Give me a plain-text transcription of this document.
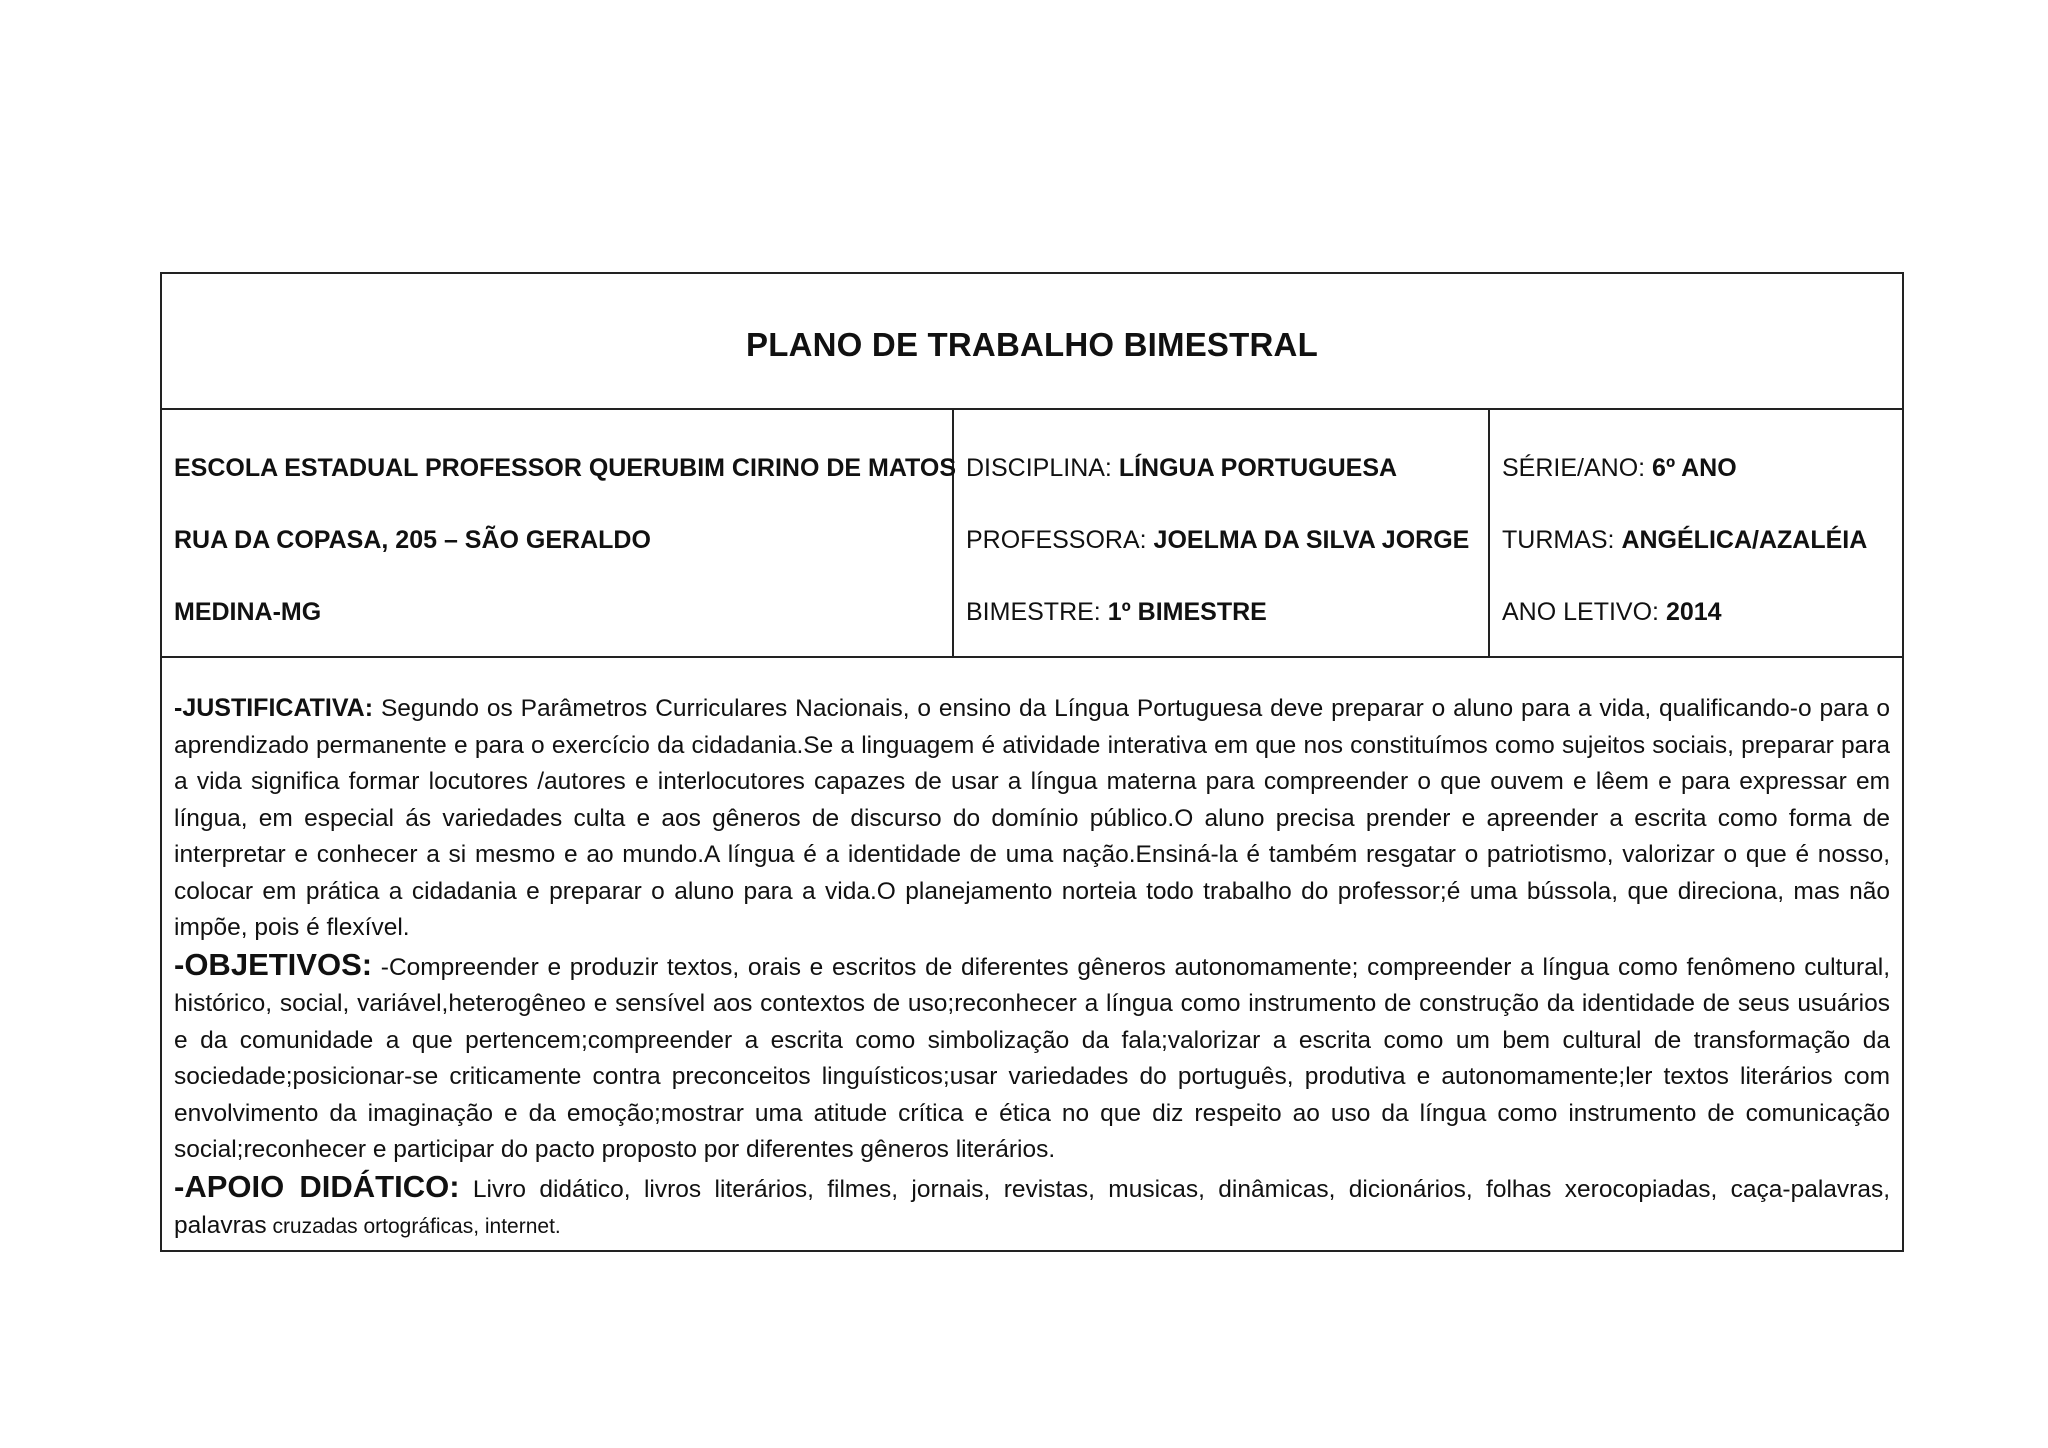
PLANO DE TRABALHO BIMESTRAL
ESCOLA ESTADUAL PROFESSOR QUERUBIM CIRINO DE MATOS
RUA DA COPASA, 205 – SÃO GERALDO
MEDINA-MG
DISCIPLINA: LÍNGUA PORTUGUESA
PROFESSORA: JOELMA DA SILVA JORGE
BIMESTRE: 1º BIMESTRE
SÉRIE/ANO: 6º ANO
TURMAS: ANGÉLICA/AZALÉIA
ANO LETIVO: 2014

-JUSTIFICATIVA: Segundo os Parâmetros Curriculares Nacionais, o ensino da Língua Portuguesa deve preparar o aluno para a vida, qualificando-o para o aprendizado permanente e para o exercício da cidadania.Se a linguagem é atividade interativa em que nos constituímos como sujeitos sociais, preparar para a vida significa formar locutores /autores e interlocutores capazes de usar a língua materna para compreender o que ouvem e lêem e para expressar em língua, em especial ás variedades culta e aos gêneros de discurso do domínio público.O aluno precisa prender e apreender a escrita como forma de interpretar e conhecer a si mesmo e ao mundo.A língua é a identidade de uma nação.Ensiná-la é também resgatar o patriotismo, valorizar o que é nosso, colocar em prática a cidadania e preparar o aluno para a vida.O planejamento norteia todo trabalho do professor;é uma bússola, que direciona, mas não impõe, pois é flexível.

-OBJETIVOS: -Compreender e produzir textos, orais e escritos de diferentes gêneros autonomamente; compreender a língua como fenômeno cultural, histórico, social, variável,heterogêneo e sensível aos contextos de uso;reconhecer a língua como instrumento de construção da identidade de seus usuários e da comunidade a que pertencem;compreender a escrita como simbolização da fala;valorizar a escrita como um bem cultural de transformação da sociedade;posicionar-se criticamente contra preconceitos linguísticos;usar variedades do português, produtiva e autonomamente;ler textos literários com envolvimento da imaginação e da emoção;mostrar uma atitude crítica e ética no que diz respeito ao uso da língua como instrumento de comunicação social;reconhecer e participar do pacto proposto por diferentes gêneros literários.

-APOIO DIDÁTICO: Livro didático, livros literários, filmes, jornais, revistas, musicas, dinâmicas, dicionários, folhas xerocopiadas, caça-palavras, palavras cruzadas ortográficas, internet.
